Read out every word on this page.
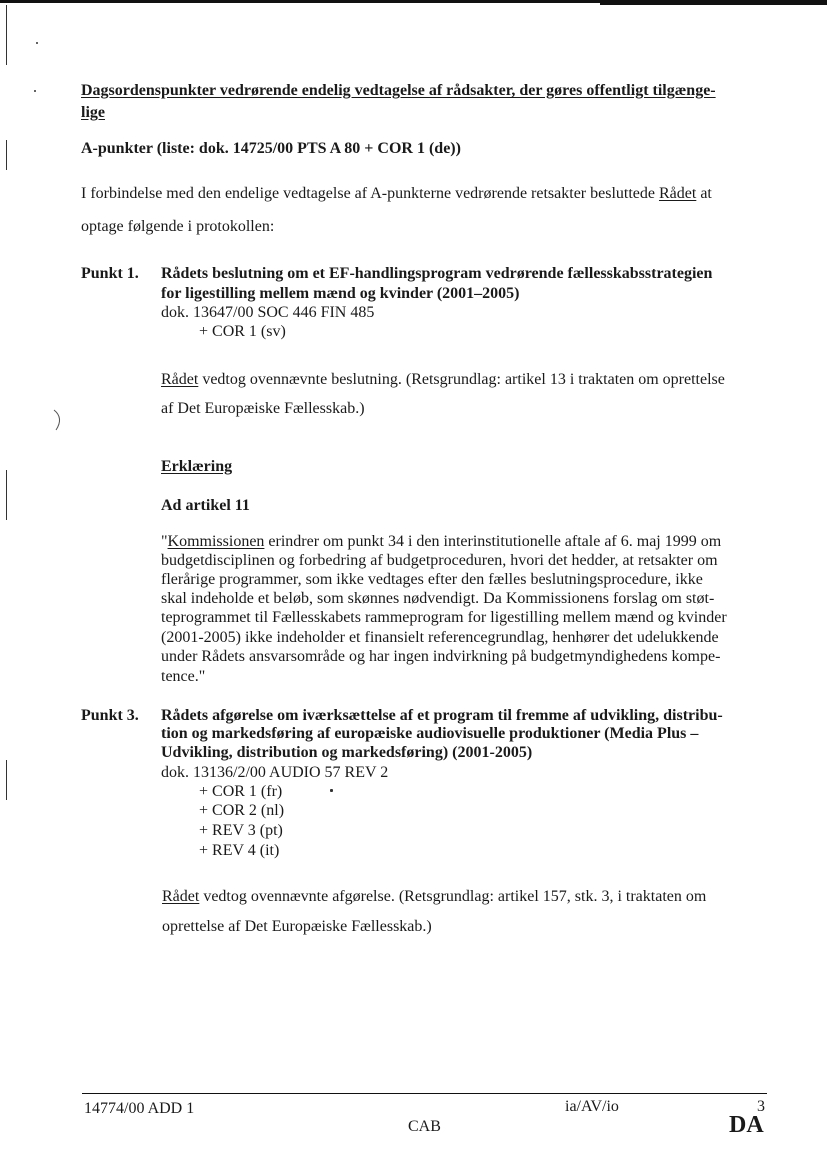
Dagsordenspunkter vedrørende endelig vedtagelse af rådsakter, der gøres offentligt tilgænge-
lige
A-punkter (liste: dok. 14725/00 PTS A 80 + COR 1 (de))
I forbindelse med den endelige vedtagelse af A-punkterne vedrørende retsakter besluttede Rådet at
optage følgende i protokollen:
Punkt 1. Rådets beslutning om et EF-handlingsprogram vedrørende fællesskabsstrategien
for ligestilling mellem mænd og kvinder (2001–2005)
dok. 13647/00 SOC 446 FIN 485
+ COR 1 (sv)
Rådet vedtog ovennævnte beslutning. (Retsgrundlag: artikel 13 i traktaten om oprettelse
af Det Europæiske Fællesskab.)
Erklæring
Ad artikel 11
"Kommissionen erindrer om punkt 34 i den interinstitutionelle aftale af 6. maj 1999 om
budgetdisciplinen og forbedring af budgetproceduren, hvori det hedder, at retsakter om
flerårige programmer, som ikke vedtages efter den fælles beslutningsprocedure, ikke
skal indeholde et beløb, som skønnes nødvendigt. Da Kommissionens forslag om støt-
teprogrammet til Fællesskabets rammeprogram for ligestilling mellem mænd og kvinder
(2001-2005) ikke indeholder et finansielt referencegrundlag, henhører det udelukkende
under Rådets ansvarsområde og har ingen indvirkning på budgetmyndighedens kompe-
tence."
Punkt 3. Rådets afgørelse om iværksættelse af et program til fremme af udvikling, distribu-
tion og markedsføring af europæiske audiovisuelle produktioner (Media Plus –
Udvikling, distribution og markedsføring) (2001-2005)
dok. 13136/2/00 AUDIO 57 REV 2
+ COR 1 (fr)
+ COR 2 (nl)
+ REV 3 (pt)
+ REV 4 (it)
Rådet vedtog ovennævnte afgørelse. (Retsgrundlag: artikel 157, stk. 3, i traktaten om
oprettelse af Det Europæiske Fællesskab.)
14774/00 ADD 1	ia/AV/io	3
CAB	DA
